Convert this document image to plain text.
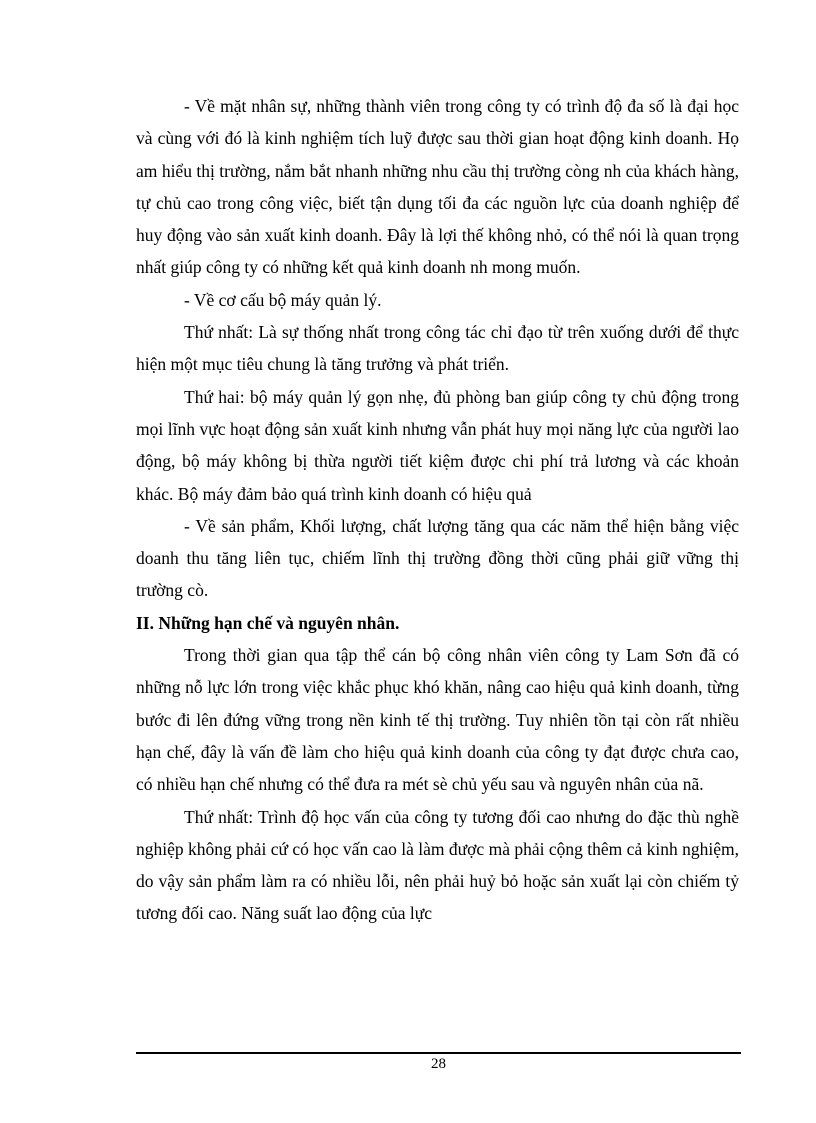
- Về mặt nhân sự, những thành viên trong công ty có trình độ đa số là đại học và cùng với đó là kinh nghiệm tích luỹ được sau thời gian hoạt động kinh doanh. Họ am hiểu thị trường, nắm bắt nhanh những nhu cầu thị trường còng nh của khách hàng, tự chủ cao trong công việc, biết tận dụng tối đa các nguồn lực của doanh nghiệp để huy động vào sản xuất kinh doanh. Đây là lợi thế không nhỏ, có thể nói là quan trọng nhất giúp công ty có những kết quả kinh doanh nh mong muốn.

- Về cơ cấu bộ máy quản lý.

Thứ nhất: Là sự thống nhất trong công tác chỉ đạo từ trên xuống dưới để thực hiện một mục tiêu chung là tăng trưởng và phát triển.

Thứ hai: bộ máy quản lý gọn nhẹ, đủ phòng ban giúp công ty chủ động trong mọi lĩnh vực hoạt động sản xuất kinh nhưng vẫn phát huy mọi năng lực của người lao động, bộ máy không bị thừa người tiết kiệm được chi phí trả lương và các khoản khác. Bộ máy đảm bảo quá trình kinh doanh có hiệu quả

- Về sản phẩm, Khối lượng, chất lượng tăng qua các năm thể hiện bằng việc doanh thu tăng liên tục, chiếm lĩnh thị trường đồng thời cũng phải giữ vững thị trường cò.

II. Những hạn chế và nguyên nhân.

Trong thời gian qua tập thể cán bộ công nhân viên công ty Lam Sơn đã có những nỗ lực lớn trong việc khắc phục khó khăn, nâng cao hiệu quả kinh doanh, từng bước đi lên đứng vững trong nền kinh tế thị trường. Tuy nhiên tồn tại còn rất nhiều hạn chế, đây là vấn đề làm cho hiệu quả kinh doanh của công ty đạt được chưa cao, có nhiều hạn chế nhưng có thể đưa ra mét sè chủ yếu sau và nguyên nhân của nã.

Thứ nhất: Trình độ học vấn của công ty tương đối cao nhưng do đặc thù nghề nghiệp không phải cứ có học vấn cao là làm được mà phải cộng thêm cả kinh nghiệm, do vậy sản phẩm làm ra có nhiều lỗi, nên phải huỷ bỏ hoặc sản xuất lại còn chiếm tỷ tương đối cao. Năng suất lao động của lực

28
